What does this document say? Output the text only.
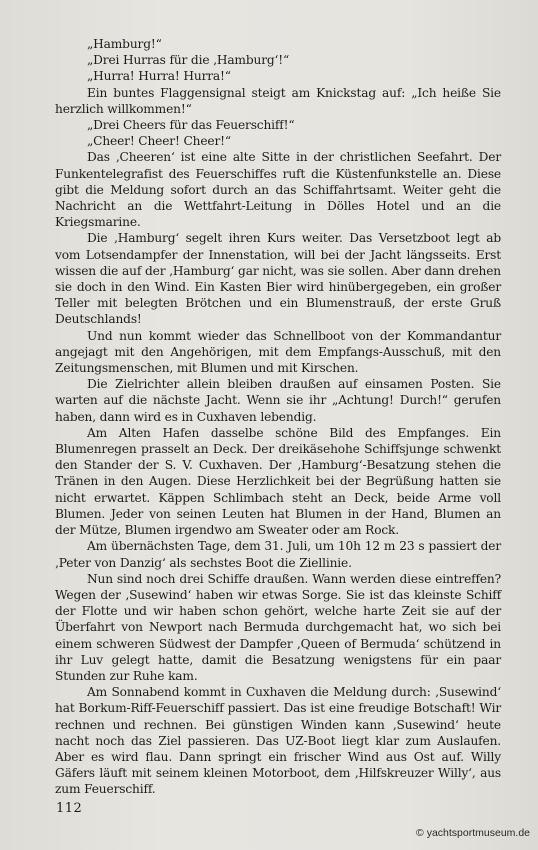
„Hamburg!“

„Drei Hurras für die ‚Hamburg‘!“

„Hurra! Hurra! Hurra!“

Ein buntes Flaggensignal steigt am Knickstag auf: „Ich heiße Sie herzlich willkommen!“

„Drei Cheers für das Feuerschiff!“

„Cheer! Cheer! Cheer!“

Das ‚Cheeren‘ ist eine alte Sitte in der christlichen Seefahrt. Der Funkentelegrafist des Feuerschiffes ruft die Küstenfunkstelle an. Diese gibt die Meldung sofort durch an das Schiffahrtsamt. Weiter geht die Nachricht an die Wettfahrt-Leitung in Dölles Hotel und an die Kriegsmarine.

Die ‚Hamburg‘ segelt ihren Kurs weiter. Das Versetzboot legt ab vom Lotsendampfer der Innenstation, will bei der Jacht längsseits. Erst wissen die auf der ‚Hamburg‘ gar nicht, was sie sollen. Aber dann drehen sie doch in den Wind. Ein Kasten Bier wird hinübergegeben, ein großer Teller mit belegten Brötchen und ein Blumenstrauß, der erste Gruß Deutschlands!

Und nun kommt wieder das Schnellboot von der Kommandantur angejagt mit den Angehörigen, mit dem Empfangs-Ausschuß, mit den Zeitungsmenschen, mit Blumen und mit Kirschen.

Die Zielrichter allein bleiben draußen auf einsamen Posten. Sie warten auf die nächste Jacht. Wenn sie ihr „Achtung! Durch!“ gerufen haben, dann wird es in Cuxhaven lebendig.

Am Alten Hafen dasselbe schöne Bild des Empfanges. Ein Blumenregen prasselt an Deck. Der dreikäsehohe Schiffsjunge schwenkt den Stander der S. V. Cuxhaven. Der ‚Hamburg‘-Besatzung stehen die Tränen in den Augen. Diese Herzlichkeit bei der Begrüßung hatten sie nicht erwartet. Käppen Schlimbach steht an Deck, beide Arme voll Blumen. Jeder von seinen Leuten hat Blumen in der Hand, Blumen an der Mütze, Blumen irgendwo am Sweater oder am Rock.

Am übernächsten Tage, dem 31. Juli, um 10h 12 m 23 s passiert der ‚Peter von Danzig‘ als sechstes Boot die Ziellinie.

Nun sind noch drei Schiffe draußen. Wann werden diese eintreffen? Wegen der ‚Susewind‘ haben wir etwas Sorge. Sie ist das kleinste Schiff der Flotte und wir haben schon gehört, welche harte Zeit sie auf der Überfahrt von Newport nach Bermuda durchgemacht hat, wo sich bei einem schweren Südwest der Dampfer ‚Queen of Bermuda‘ schützend in ihr Luv gelegt hatte, damit die Besatzung wenigstens für ein paar Stunden zur Ruhe kam.

Am Sonnabend kommt in Cuxhaven die Meldung durch: ‚Susewind‘ hat Borkum-Riff-Feuerschiff passiert. Das ist eine freudige Botschaft! Wir rechnen und rechnen. Bei günstigen Winden kann ‚Susewind‘ heute nacht noch das Ziel passieren. Das UZ-Boot liegt klar zum Auslaufen. Aber es wird flau. Dann springt ein frischer Wind aus Ost auf. Willy Gäfers läuft mit seinem kleinen Motorboot, dem ‚Hilfskreuzer Willy‘, aus zum Feuerschiff.

112
© yachtsportmuseum.de
